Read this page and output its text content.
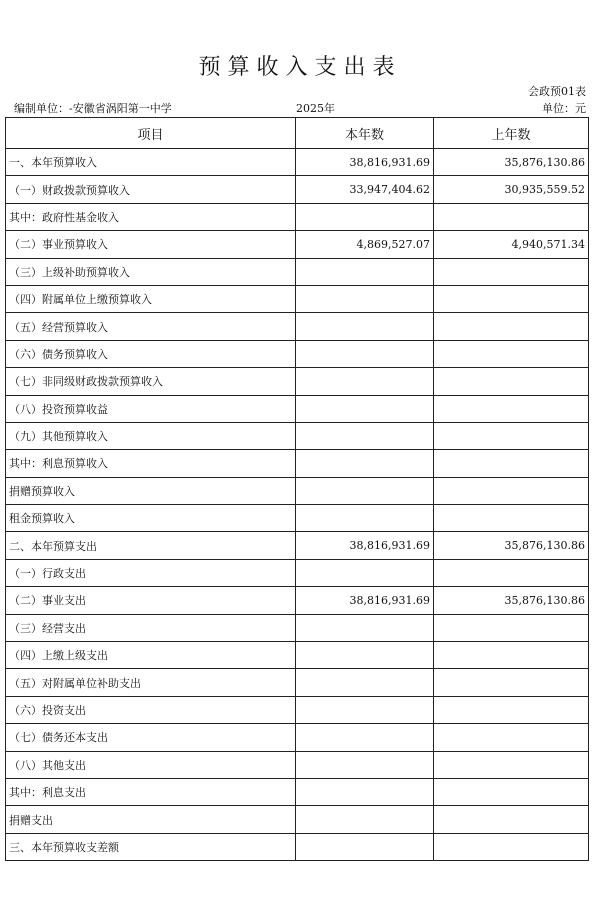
预算收入支出表
会政预01表
编制单位：-安徽省涡阳第一中学	2025年	单位：元
项目	本年数	上年数
一、本年预算收入	38,816,931.69	35,876,130.86
（一）财政拨款预算收入	33,947,404.62	30,935,559.52
其中：政府性基金收入		
（二）事业预算收入	4,869,527.07	4,940,571.34
（三）上级补助预算收入		
（四）附属单位上缴预算收入		
（五）经营预算收入		
（六）债务预算收入		
（七）非同级财政拨款预算收入		
（八）投资预算收益		
（九）其他预算收入		
其中：利息预算收入		
捐赠预算收入		
租金预算收入		
二、本年预算支出	38,816,931.69	35,876,130.86
（一）行政支出		
（二）事业支出	38,816,931.69	35,876,130.86
（三）经营支出		
（四）上缴上级支出		
（五）对附属单位补助支出		
（六）投资支出		
（七）债务还本支出		
（八）其他支出		
其中：利息支出		
捐赠支出		
三、本年预算收支差额		
